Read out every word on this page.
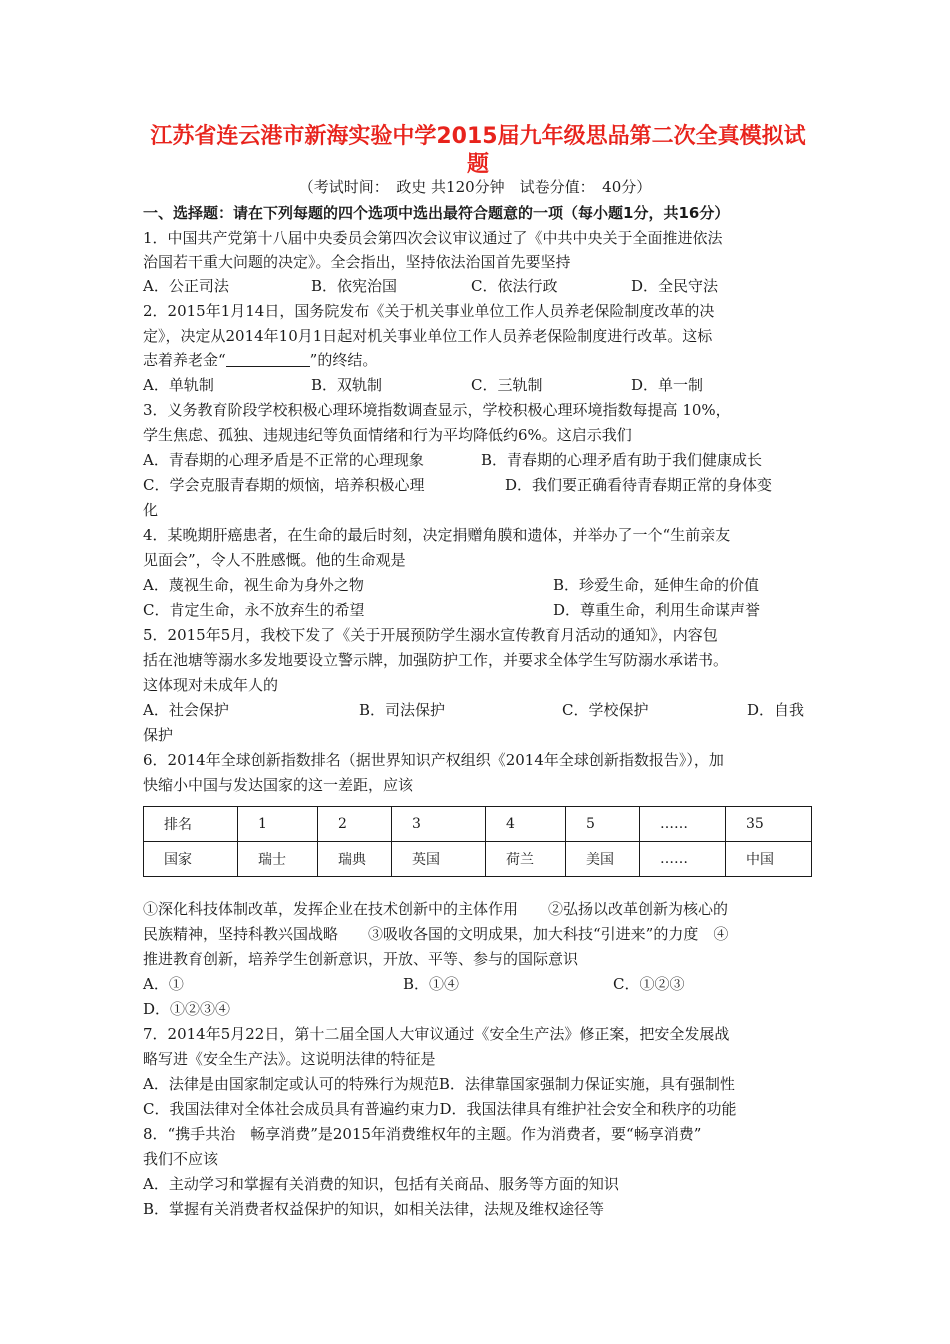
江苏省连云港市新海实验中学2015届九年级思品第二次全真模拟试
题
（考试时间：　政史 共120分钟　试卷分值：　40分）
一、选择题：请在下列每题的四个选项中选出最符合题意的一项（每小题1分，共16分）
1．中国共产党第十八届中央委员会第四次会议审议通过了《中共中央关于全面推进依法
治国若干重大问题的决定》。全会指出，坚持依法治国首先要坚持
A．公正司法	B．依宪治国	C．依法行政	D．全民守法
2．2015年1月14日，国务院发布《关于机关事业单位工作人员养老保险制度改革的决
定》，决定从2014年10月1日起对机关事业单位工作人员养老保险制度进行改革。这标
志着养老金“	”的终结。
A．单轨制	B．双轨制	C．三轨制	D．单一制
3．义务教育阶段学校积极心理环境指数调查显示，学校积极心理环境指数每提高 10%，
学生焦虑、孤独、违规违纪等负面情绪和行为平均降低约6%。这启示我们
A．青春期的心理矛盾是不正常的心理现象	B．青春期的心理矛盾有助于我们健康成长
C．学会克服青春期的烦恼，培养积极心理	D．我们要正确看待青春期正常的身体变
化
4．某晚期肝癌患者，在生命的最后时刻，决定捐赠角膜和遗体，并举办了一个“生前亲友
见面会”，令人不胜感慨。他的生命观是
A．蔑视生命，视生命为身外之物	B．珍爱生命，延伸生命的价值
C．肯定生命，永不放弃生的希望	D．尊重生命，利用生命谋声誉
5．2015年5月，我校下发了《关于开展预防学生溺水宣传教育月活动的通知》，内容包
括在池塘等溺水多发地要设立警示牌，加强防护工作，并要求全体学生写防溺水承诺书。
这体现对未成年人的
A．社会保护	B．司法保护	C．学校保护	D．自我
保护
6．2014年全球创新指数排名（据世界知识产权组织《2014年全球创新指数报告》），加
快缩小中国与发达国家的这一差距，应该
排名	1	2	3	4	5	……	35
国家	瑞士	瑞典	英国	荷兰	美国	……	中国
①深化科技体制改革，发挥企业在技术创新中的主体作用　　②弘扬以改革创新为核心的
民族精神，坚持科教兴国战略　　③吸收各国的文明成果，加大科技“引进来”的力度　④
推进教育创新，培养学生创新意识，开放、平等、参与的国际意识
A．①	B．①④	C．①②③
D．①②③④
7．2014年5月22日，第十二届全国人大审议通过《安全生产法》修正案，把安全发展战
略写进《安全生产法》。这说明法律的特征是
A．法律是由国家制定或认可的特殊行为规范B．法律靠国家强制力保证实施，具有强制性
C．我国法律对全体社会成员具有普遍约束力D．我国法律具有维护社会安全和秩序的功能
8．“携手共治　畅享消费”是2015年消费维权年的主题。作为消费者，要“畅享消费”
我们不应该
A．主动学习和掌握有关消费的知识，包括有关商品、服务等方面的知识
B．掌握有关消费者权益保护的知识，如相关法律，法规及维权途径等
